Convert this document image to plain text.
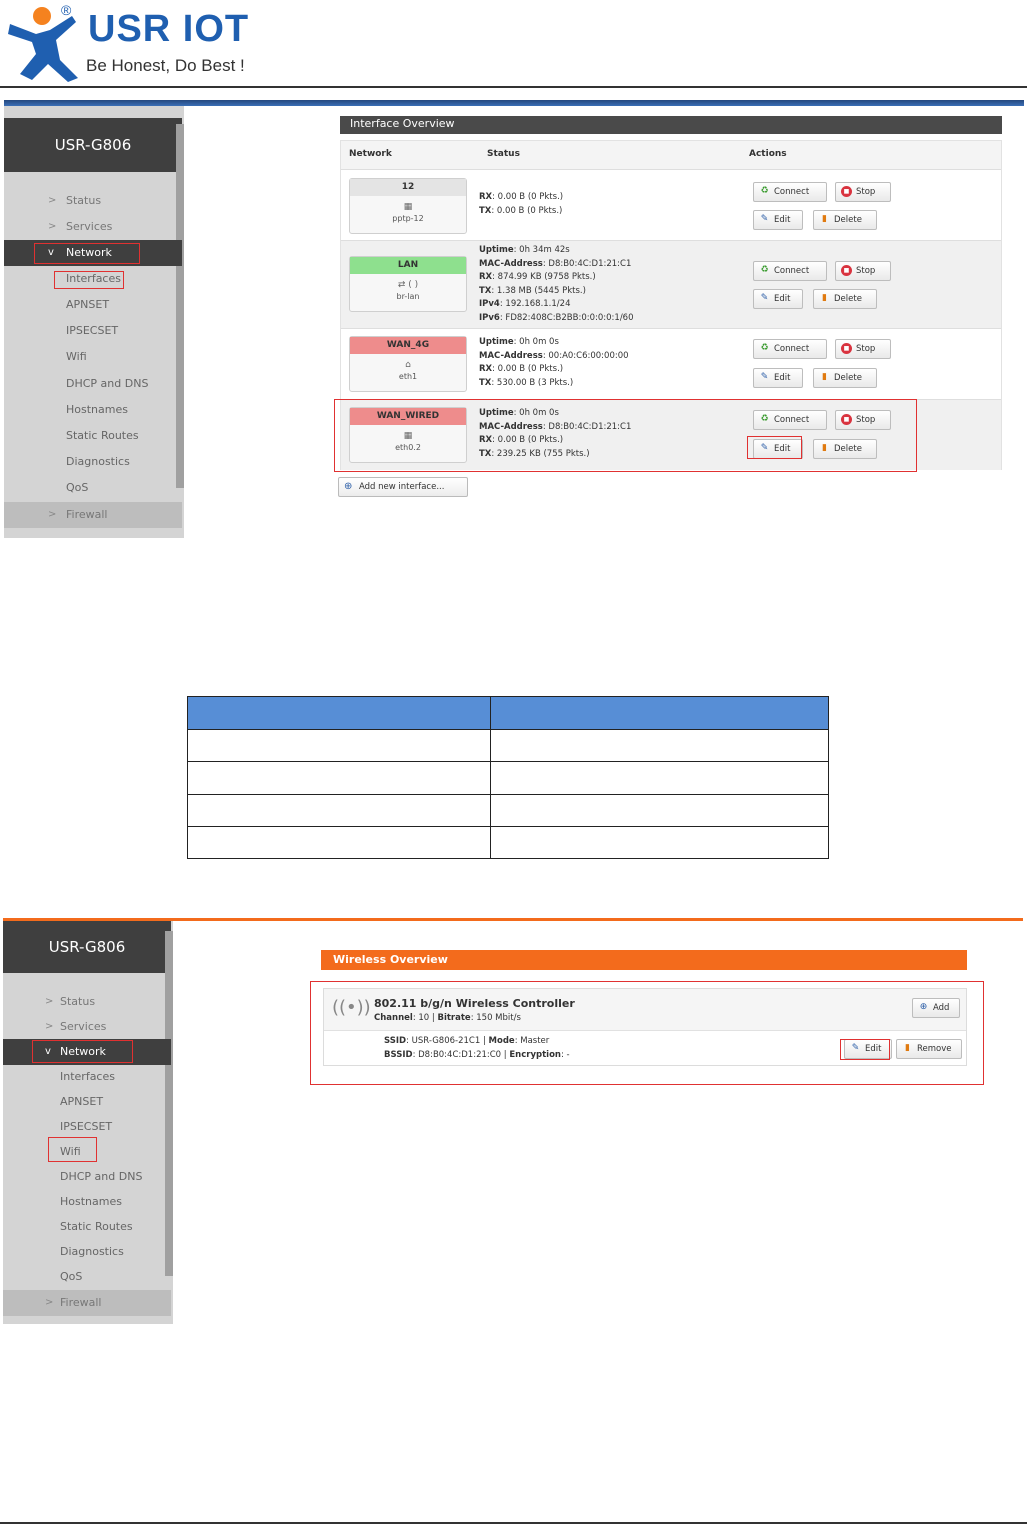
® USR IOT
Be Honest, Do Best !
USR-G806
> Status
> Services
v Network
Interfaces
APNSET
IPSECSET
Wifi
DHCP and DNS
Hostnames
Static Routes
Diagnostics
QoS
> Firewall
Interface Overview
Network	Status	Actions
12
▦
pptp-12
RX: 0.00 B (0 Pkts.)
TX: 0.00 B (0 Pkts.)
♻ Connect	■ Stop
✎ Edit	▮ Delete
LAN
⇄ ( )
br-lan
Uptime: 0h 34m 42s
MAC-Address: D8:B0:4C:D1:21:C1
RX: 874.99 KB (9758 Pkts.)
TX: 1.38 MB (5445 Pkts.)
IPv4: 192.168.1.1/24
IPv6: FD82:408C:B2BB:0:0:0:0:1/60
♻ Connect	■ Stop
✎ Edit	▮ Delete
WAN_4G
⌂
eth1
Uptime: 0h 0m 0s
MAC-Address: 00:A0:C6:00:00:00
RX: 0.00 B (0 Pkts.)
TX: 530.00 B (3 Pkts.)
♻ Connect	■ Stop
✎ Edit	▮ Delete
WAN_WIRED
▦
eth0.2
Uptime: 0h 0m 0s
MAC-Address: D8:B0:4C:D1:21:C1
RX: 0.00 B (0 Pkts.)
TX: 239.25 KB (755 Pkts.)
♻ Connect	■ Stop
✎ Edit	▮ Delete
⊕ Add new interface...

USR-G806
> Status
> Services
v Network
Interfaces
APNSET
IPSECSET
Wifi
DHCP and DNS
Hostnames
Static Routes
Diagnostics
QoS
> Firewall
Wireless Overview
((•)) 802.11 b/g/n Wireless Controller
Channel: 10 | Bitrate: 150 Mbit/s
⊕ Add
SSID: USR-G806-21C1 | Mode: Master
BSSID: D8:B0:4C:D1:21:C0 | Encryption: -
✎ Edit	▮ Remove
